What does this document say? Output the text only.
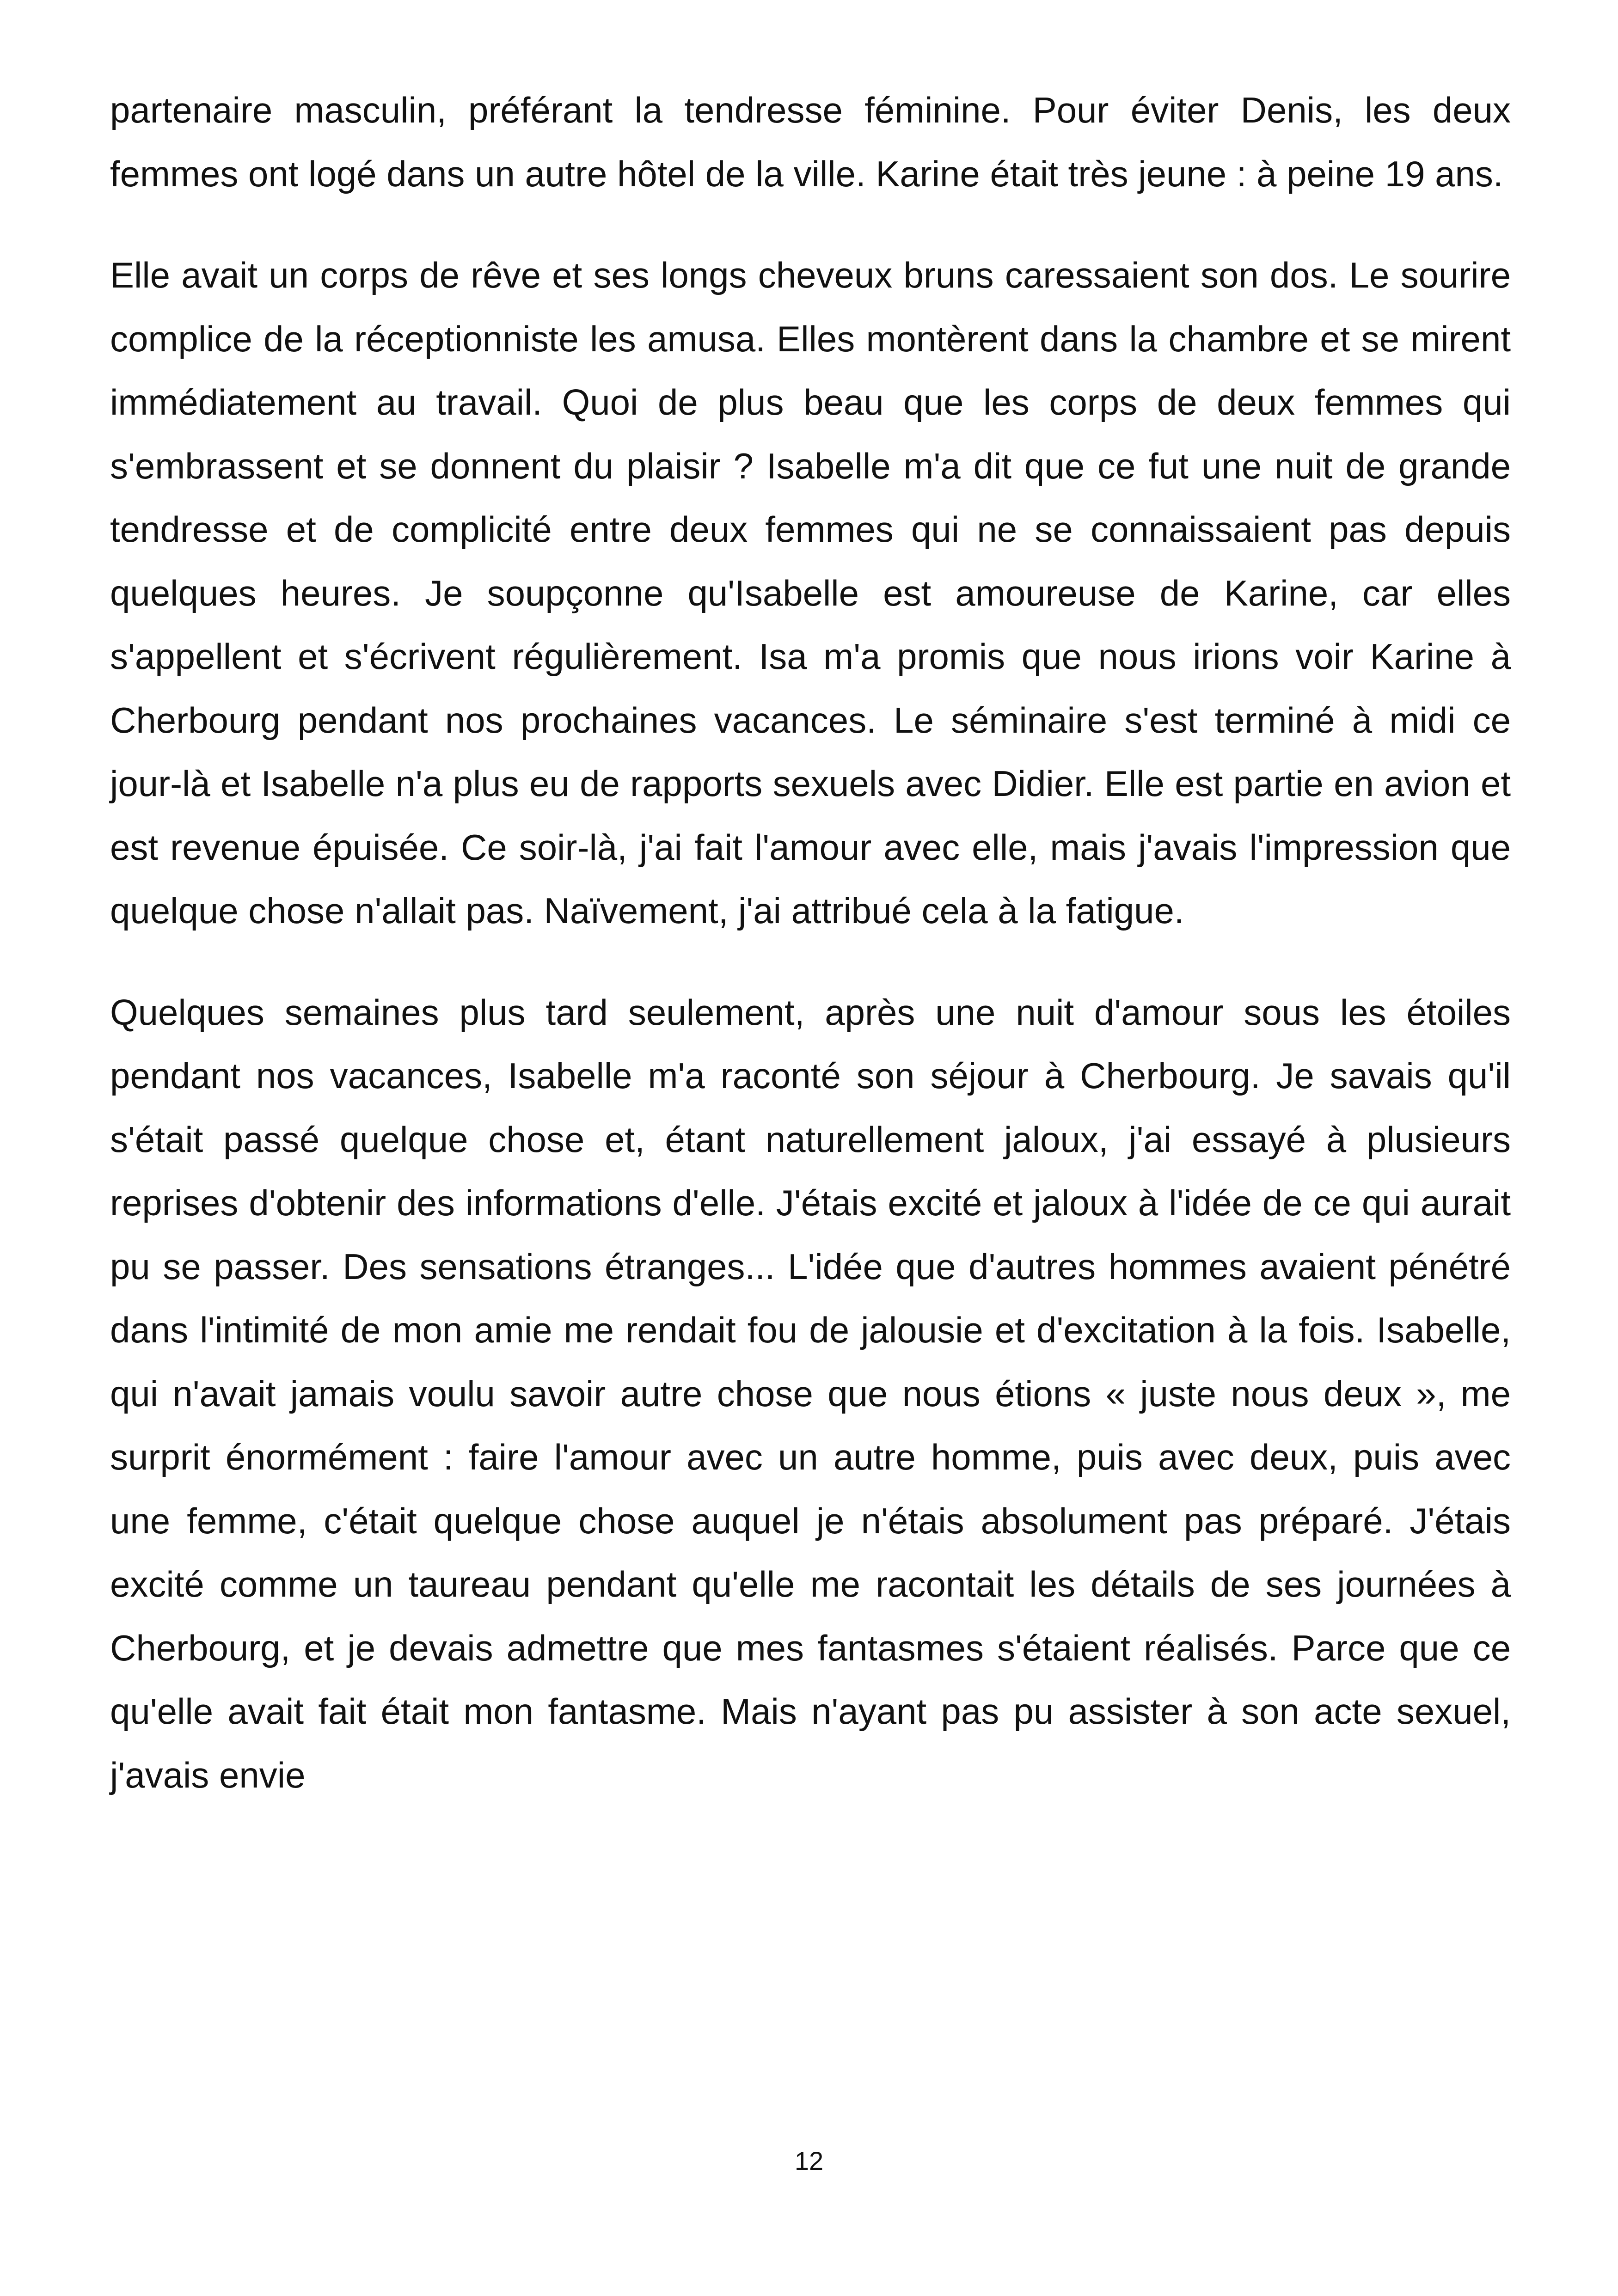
partenaire masculin, préférant la tendresse féminine. Pour éviter Denis, les deux femmes ont logé dans un autre hôtel de la ville. Karine était très jeune : à peine 19 ans.

Elle avait un corps de rêve et ses longs cheveux bruns caressaient son dos. Le sourire complice de la réceptionniste les amusa. Elles montèrent dans la chambre et se mirent immédiatement au travail. Quoi de plus beau que les corps de deux femmes qui s'embrassent et se donnent du plaisir ? Isabelle m'a dit que ce fut une nuit de grande tendresse et de complicité entre deux femmes qui ne se connaissaient pas depuis quelques heures. Je soupçonne qu'Isabelle est amoureuse de Karine, car elles s'appellent et s'écrivent régulièrement. Isa m'a promis que nous irions voir Karine à Cherbourg pendant nos prochaines vacances. Le séminaire s'est terminé à midi ce jour-là et Isabelle n'a plus eu de rapports sexuels avec Didier. Elle est partie en avion et est revenue épuisée. Ce soir-là, j'ai fait l'amour avec elle, mais j'avais l'impression que quelque chose n'allait pas. Naïvement, j'ai attribué cela à la fatigue.

Quelques semaines plus tard seulement, après une nuit d'amour sous les étoiles pendant nos vacances, Isabelle m'a raconté son séjour à Cherbourg. Je savais qu'il s'était passé quelque chose et, étant naturellement jaloux, j'ai essayé à plusieurs reprises d'obtenir des informations d'elle. J'étais excité et jaloux à l'idée de ce qui aurait pu se passer. Des sensations étranges... L'idée que d'autres hommes avaient pénétré dans l'intimité de mon amie me rendait fou de jalousie et d'excitation à la fois. Isabelle, qui n'avait jamais voulu savoir autre chose que nous étions « juste nous deux », me surprit énormément : faire l'amour avec un autre homme, puis avec deux, puis avec une femme, c'était quelque chose auquel je n'étais absolument pas préparé. J'étais excité comme un taureau pendant qu'elle me racontait les détails de ses journées à Cherbourg, et je devais admettre que mes fantasmes s'étaient réalisés. Parce que ce qu'elle avait fait était mon fantasme. Mais n'ayant pas pu assister à son acte sexuel, j'avais envie

12
